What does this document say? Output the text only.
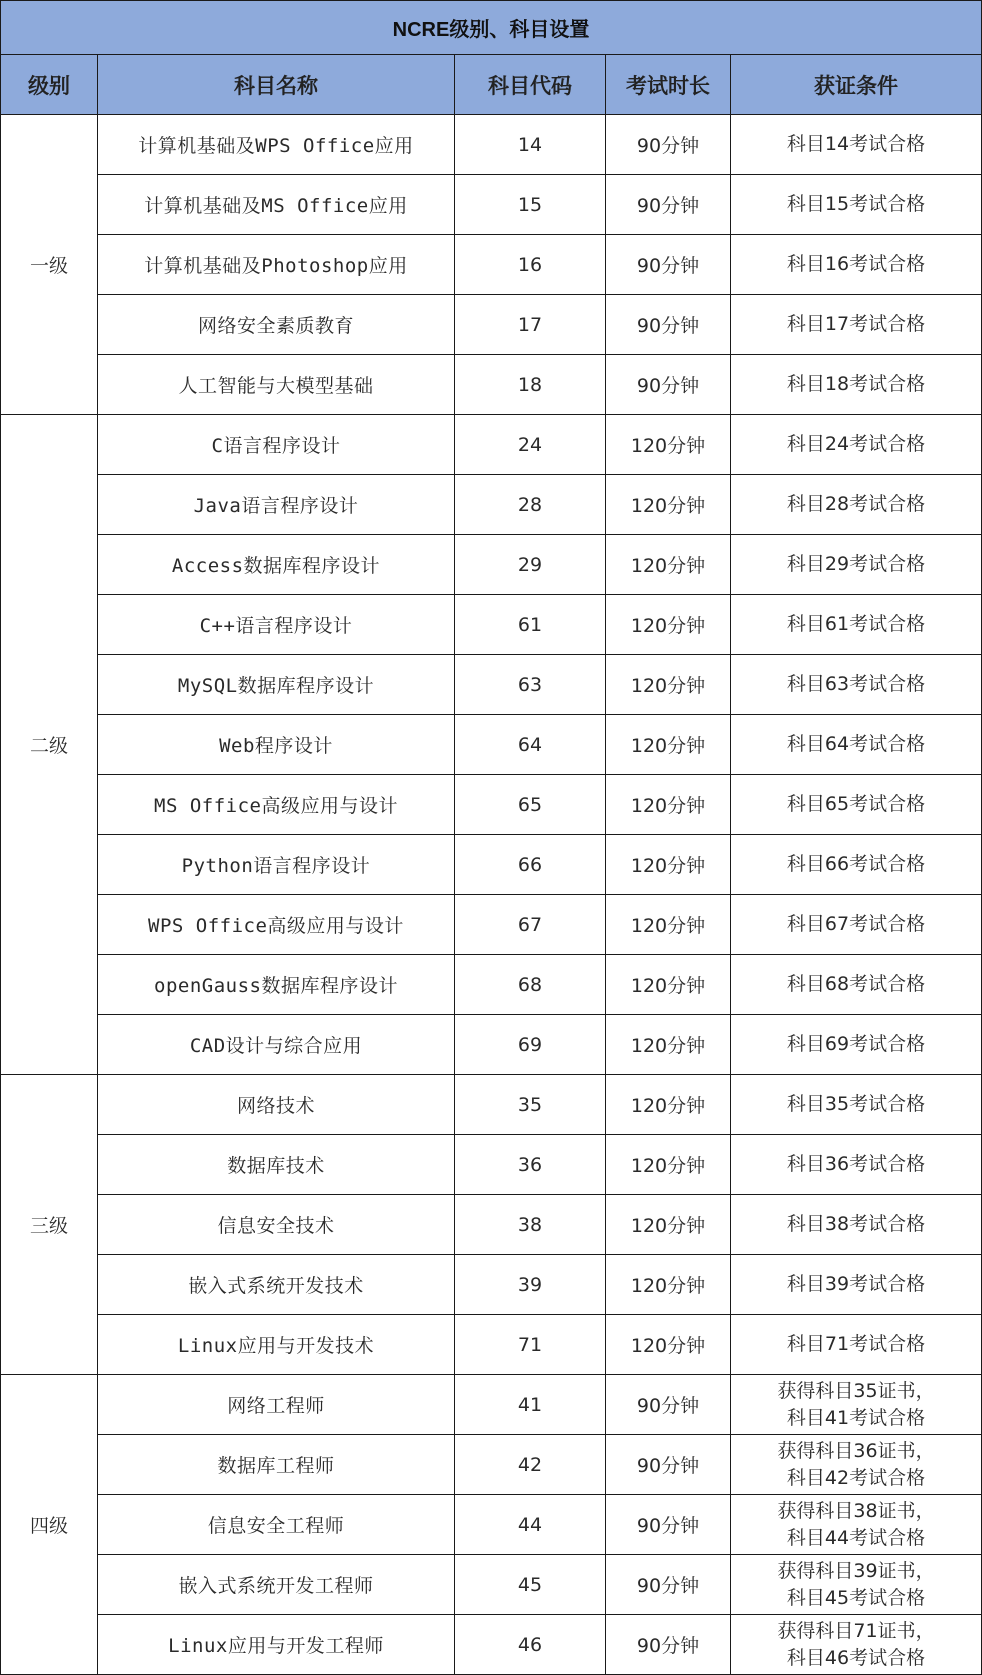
NCRE级别、科目设置				
级别	科目名称	科目代码	考试时长	获证条件
一级	计算机基础及WPS Office应用	14	90分钟	科目14考试合格

	计算机基础及MS Office应用	15	90分钟	科目15考试合格

	计算机基础及Photoshop应用	16	90分钟	科目16考试合格

	网络安全素质教育	17	90分钟	科目17考试合格

	人工智能与大模型基础	18	90分钟	科目18考试合格

二级	C语言程序设计	24	120分钟	科目24考试合格

	Java语言程序设计	28	120分钟	科目28考试合格

	Access数据库程序设计	29	120分钟	科目29考试合格

	C++语言程序设计	61	120分钟	科目61考试合格

	MySQL数据库程序设计	63	120分钟	科目63考试合格

	Web程序设计	64	120分钟	科目64考试合格

	MS Office高级应用与设计	65	120分钟	科目65考试合格

	Python语言程序设计	66	120分钟	科目66考试合格

	WPS Office高级应用与设计	67	120分钟	科目67考试合格

	openGauss数据库程序设计	68	120分钟	科目68考试合格

	CAD设计与综合应用	69	120分钟	科目69考试合格

三级	网络技术	35	120分钟	科目35考试合格

	数据库技术	36	120分钟	科目36考试合格

	信息安全技术	38	120分钟	科目38考试合格

	嵌入式系统开发技术	39	120分钟	科目39考试合格

	Linux应用与开发技术	71	120分钟	科目71考试合格

四级	网络工程师	41	90分钟	获得科目35证书，
科目41考试合格

	数据库工程师	42	90分钟	获得科目36证书，
科目42考试合格

	信息安全工程师	44	90分钟	获得科目38证书，
科目44考试合格

	嵌入式系统开发工程师	45	90分钟	获得科目39证书，
科目45考试合格

	Linux应用与开发工程师	46	90分钟	获得科目71证书，
科目46考试合格
